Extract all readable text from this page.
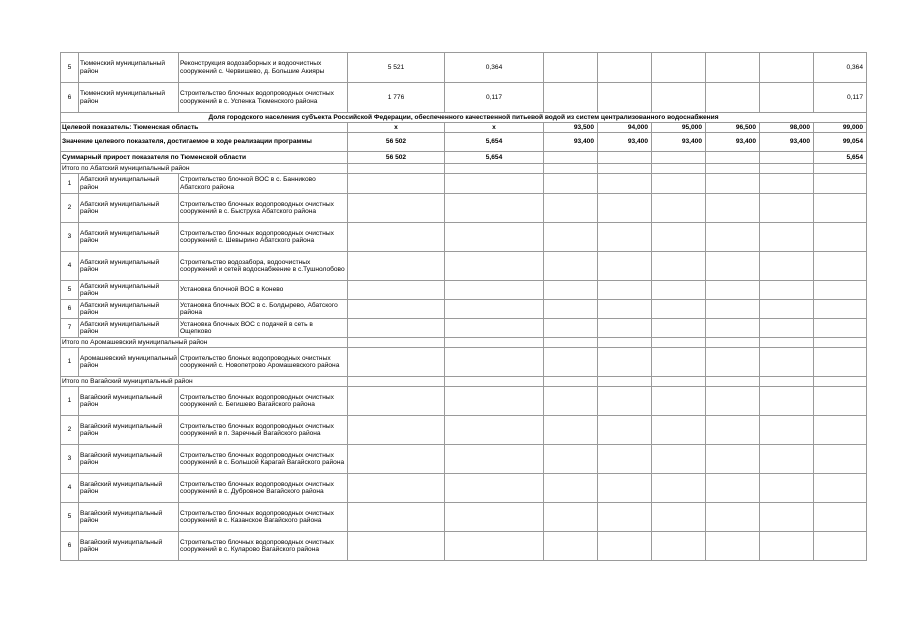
5	Тюменский муниципальный район	Реконструкция водозаборных и водоочистных сооружений с. Червишево, д. Большие Акияры	5 521	0,364						0,364
6	Тюменский муниципальный район	Строительство блочных водопроводных очистных сооружений в с. Успенка Тюменского района	1 776	0,117						0,117
Доля городского населения субъекта Российской Федерации, обеспеченного качественной питьевой водой из систем централизованного водоснабжения										
Целевой показатель: Тюменская область			х	х	93,500	94,000	95,000	96,500	98,000	99,000
Значение целевого показателя, достигаемое в ходе реализации программы			56 502	5,654	93,400	93,400	93,400	93,400	93,400	99,054
Суммарный прирост показателя по Тюменской области			56 502	5,654						5,654
Итого по Абатский муниципальный район										
1	Абатский муниципальный район	Строительство блочной ВОС в с. Банниково Абатского района								
2	Абатский муниципальный район	Строительство блочных водопроводных очистных сооружений в с. Быструха Абатского района								
3	Абатский муниципальный район	Строительство блочных водопроводных очистных сооружений с. Шевырино Абатского района								
4	Абатский муниципальный район	Строительство водозабора, водоочистных сооружений и сетей водоснабжение в с.Тушнолобово								
5	Абатский муниципальный район	Установка блочной ВОС в Конево								
6	Абатский муниципальный район	Установка блочных ВОС в с. Болдырево, Абатского района								
7	Абатский муниципальный район	Установка блочных ВОС с подачей в сеть в Ощепково								
Итого по Аромашевский муниципальный район										
1	Аромашевский муниципальный район	Строительство блоных водопроводных очистных сооружений с. Новопетрово Аромашевского района								
Итого по Вагайский муниципальный район										
1	Вагайский муниципальный район	Строительство блочных водопроводных очистных сооружений с. Бегишево Вагайского района								
2	Вагайский муниципальный район	Строительство блочных водопроводных очистных сооружений в п. Заречный Вагайского района								
3	Вагайский муниципальный район	Строительство блочных водопроводных очистных сооружений в с. Большой Карагай Вагайского района								
4	Вагайский муниципальный район	Строительство блочных водопроводных очистных сооружений в с. Дубровное Вагайского района								
5	Вагайский муниципальный район	Строительство блочных водопроводных очистных сооружений в с. Казанское Вагайского района								
6	Вагайский муниципальный район	Строительство блочных водопроводных очистных сооружений в с. Куларово Вагайского района								
